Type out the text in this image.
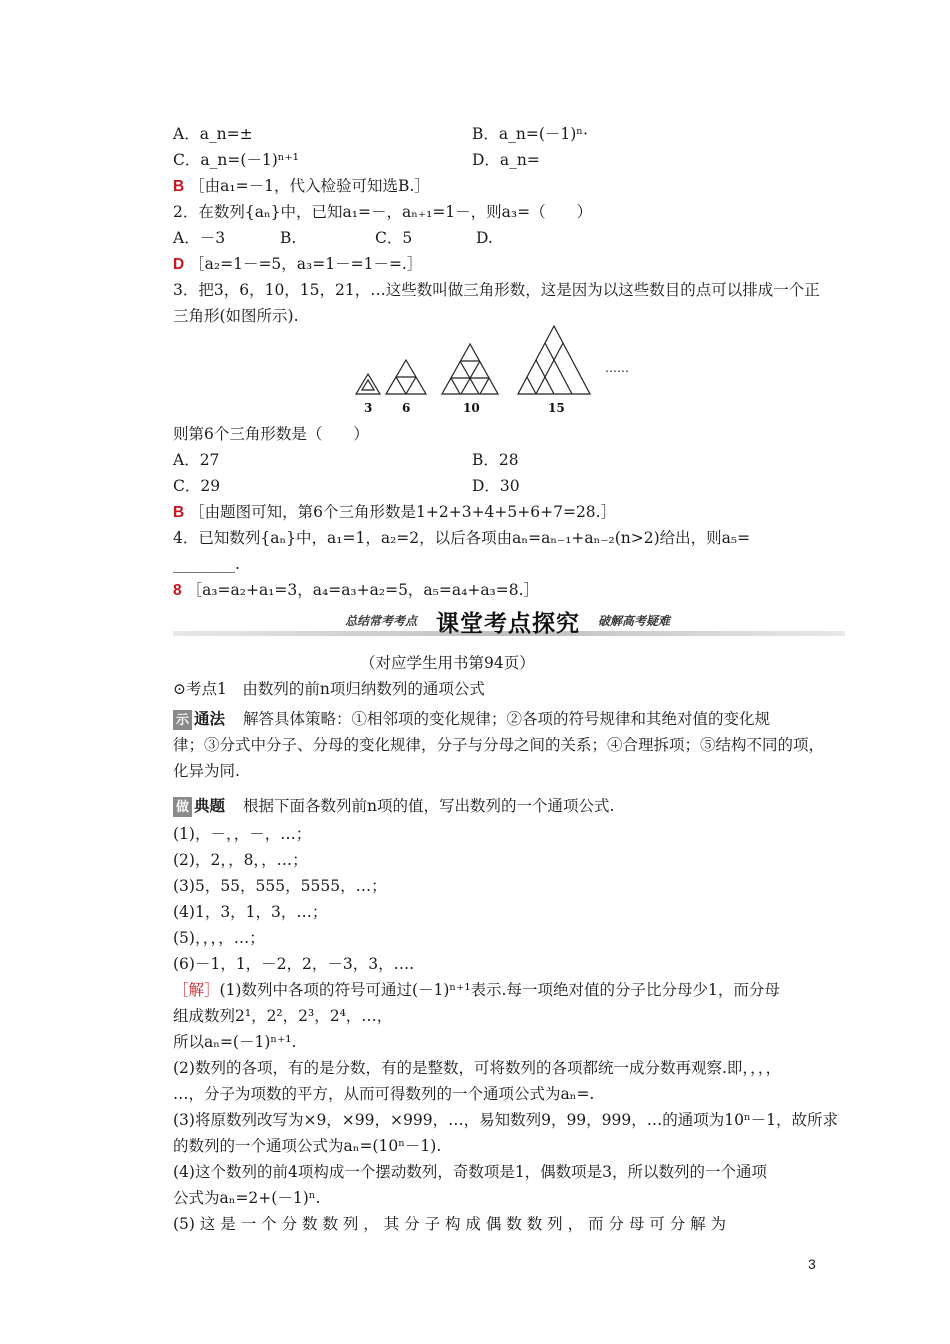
A．a_n=±	B．a_n=(－1)ⁿ·
C．a_n=(－1)ⁿ⁺¹	D．a_n=
B ［由a₁=－1，代入检验可知选B.］
2．在数列{aₙ}中，已知a₁=－，aₙ₊₁=1－，则a₃=（　　）
A．－3	B.	C．5	D.
D ［a₂=1－=5，a₃=1－=1－=.］
3．把3，6，10，15，21，…这些数叫做三角形数，这是因为以这些数目的点可以排成一个正
三角形(如图所示).
3 6	10	15
……
则第6个三角形数是（　　）
A．27	B．28
C．29	D．30
B ［由题图可知，第6个三角形数是1+2+3+4+5+6+7=28.］
4．已知数列{aₙ}中，a₁=1，a₂=2，以后各项由aₙ=aₙ₋₁+aₙ₋₂(n>2)给出，则a₅=
________.
8 ［a₃=a₂+a₁=3，a₄=a₃+a₂=5，a₅=a₄+a₃=8.］
总结常考考点 课堂考点探究 破解高考疑难
（对应学生用书第94页）
⊙考点1　由数列的前n项归纳数列的通项公式
示 通法 解答具体策略：①相邻项的变化规律；②各项的符号规律和其绝对值的变化规
律；③分式中分子、分母的变化规律，分子与分母之间的关系；④合理拆项；⑤结构不同的项，
化异为同.
做 典题 根据下面各数列前n项的值，写出数列的一个通项公式.
(1)，－，，－，…；
(2)，2，，8，，…；
(3)5，55，555，5555，…；
(4)1，3，1，3，…；
(5)，，，，…；
(6)－1，1，－2，2，－3，3，….
［解］(1)数列中各项的符号可通过(－1)ⁿ⁺¹表示.每一项绝对值的分子比分母少1，而分母
组成数列2¹，2²，2³，2⁴，…，
所以aₙ=(－1)ⁿ⁺¹.
(2)数列的各项，有的是分数，有的是整数，可将数列的各项都统一成分数再观察.即，，，，
…，分子为项数的平方，从而可得数列的一个通项公式为aₙ=.
(3)将原数列改写为×9，×99，×999，…，易知数列9，99，999，…的通项为10ⁿ－1，故所求
的数列的一个通项公式为aₙ=(10ⁿ－1).
(4)这个数列的前4项构成一个摆动数列，奇数项是1，偶数项是3，所以数列的一个通项
公式为aₙ=2+(－1)ⁿ.
(5) 这 是 一 个 分 数 数 列 ， 其 分 子 构 成 偶 数 数 列 ， 而 分 母 可 分 解 为
3
